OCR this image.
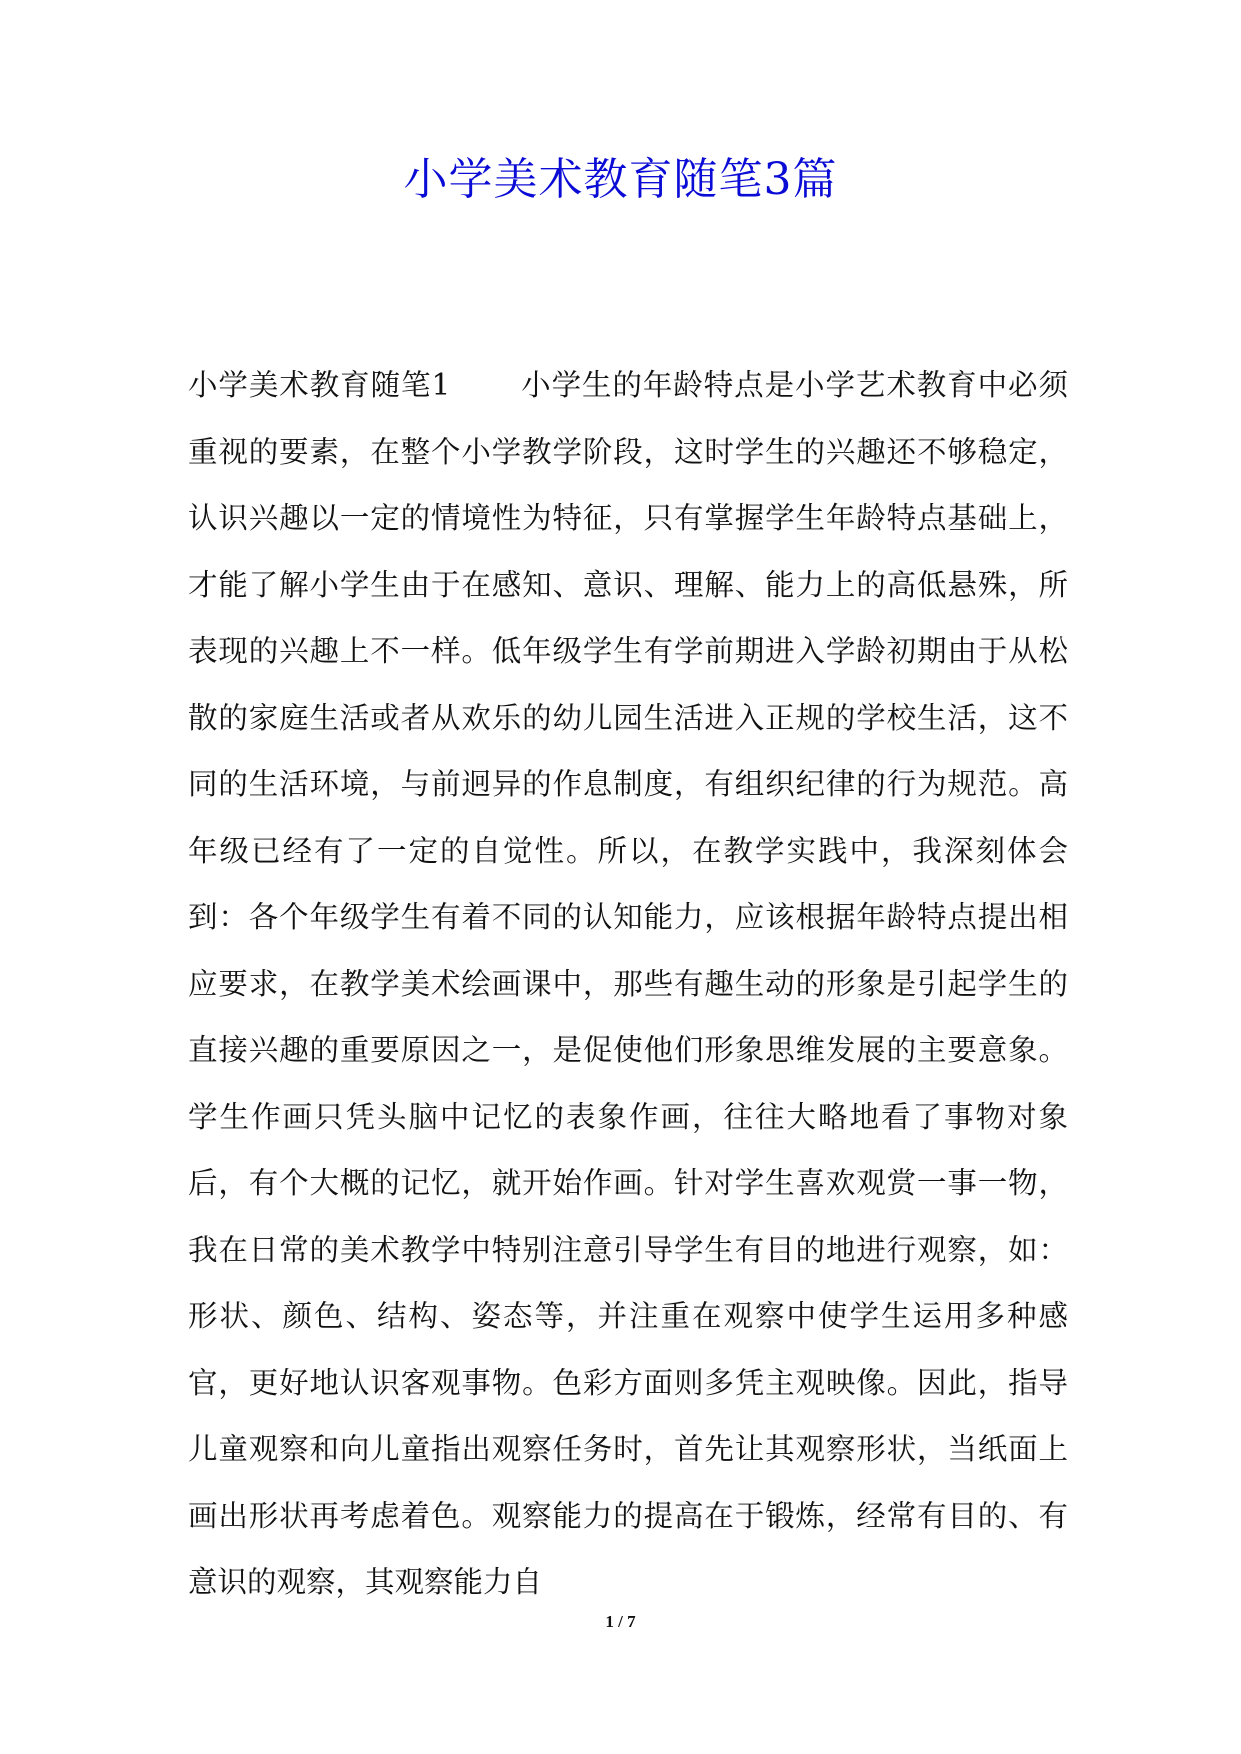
小学美术教育随笔3篇

小学美术教育随笔1 小学生的年龄特点是小学艺术教育中必须重视的要素，在整个小学教学阶段，这时学生的兴趣还不够稳定，认识兴趣以一定的情境性为特征，只有掌握学生年龄特点基础上，才能了解小学生由于在感知、意识、理解、能力上的高低悬殊，所表现的兴趣上不一样。低年级学生有学前期进入学龄初期由于从松散的家庭生活或者从欢乐的幼儿园生活进入正规的学校生活，这不同的生活环境，与前迥异的作息制度，有组织纪律的行为规范。高年级已经有了一定的自觉性。所以，在教学实践中，我深刻体会到：各个年级学生有着不同的认知能力，应该根据年龄特点提出相应要求，在教学美术绘画课中，那些有趣生动的形象是引起学生的直接兴趣的重要原因之一，是促使他们形象思维发展的主要意象。学生作画只凭头脑中记忆的表象作画，往往大略地看了事物对象后，有个大概的记忆，就开始作画。针对学生喜欢观赏一事一物，我在日常的美术教学中特别注意引导学生有目的地进行观察，如：形状、颜色、结构、姿态等，并注重在观察中使学生运用多种感官，更好地认识客观事物。色彩方面则多凭主观映像。因此，指导儿童观察和向儿童指出观察任务时，首先让其观察形状，当纸面上画出形状再考虑着色。观察能力的提高在于锻炼，经常有目的、有意识的观察，其观察能力自

1 / 7
